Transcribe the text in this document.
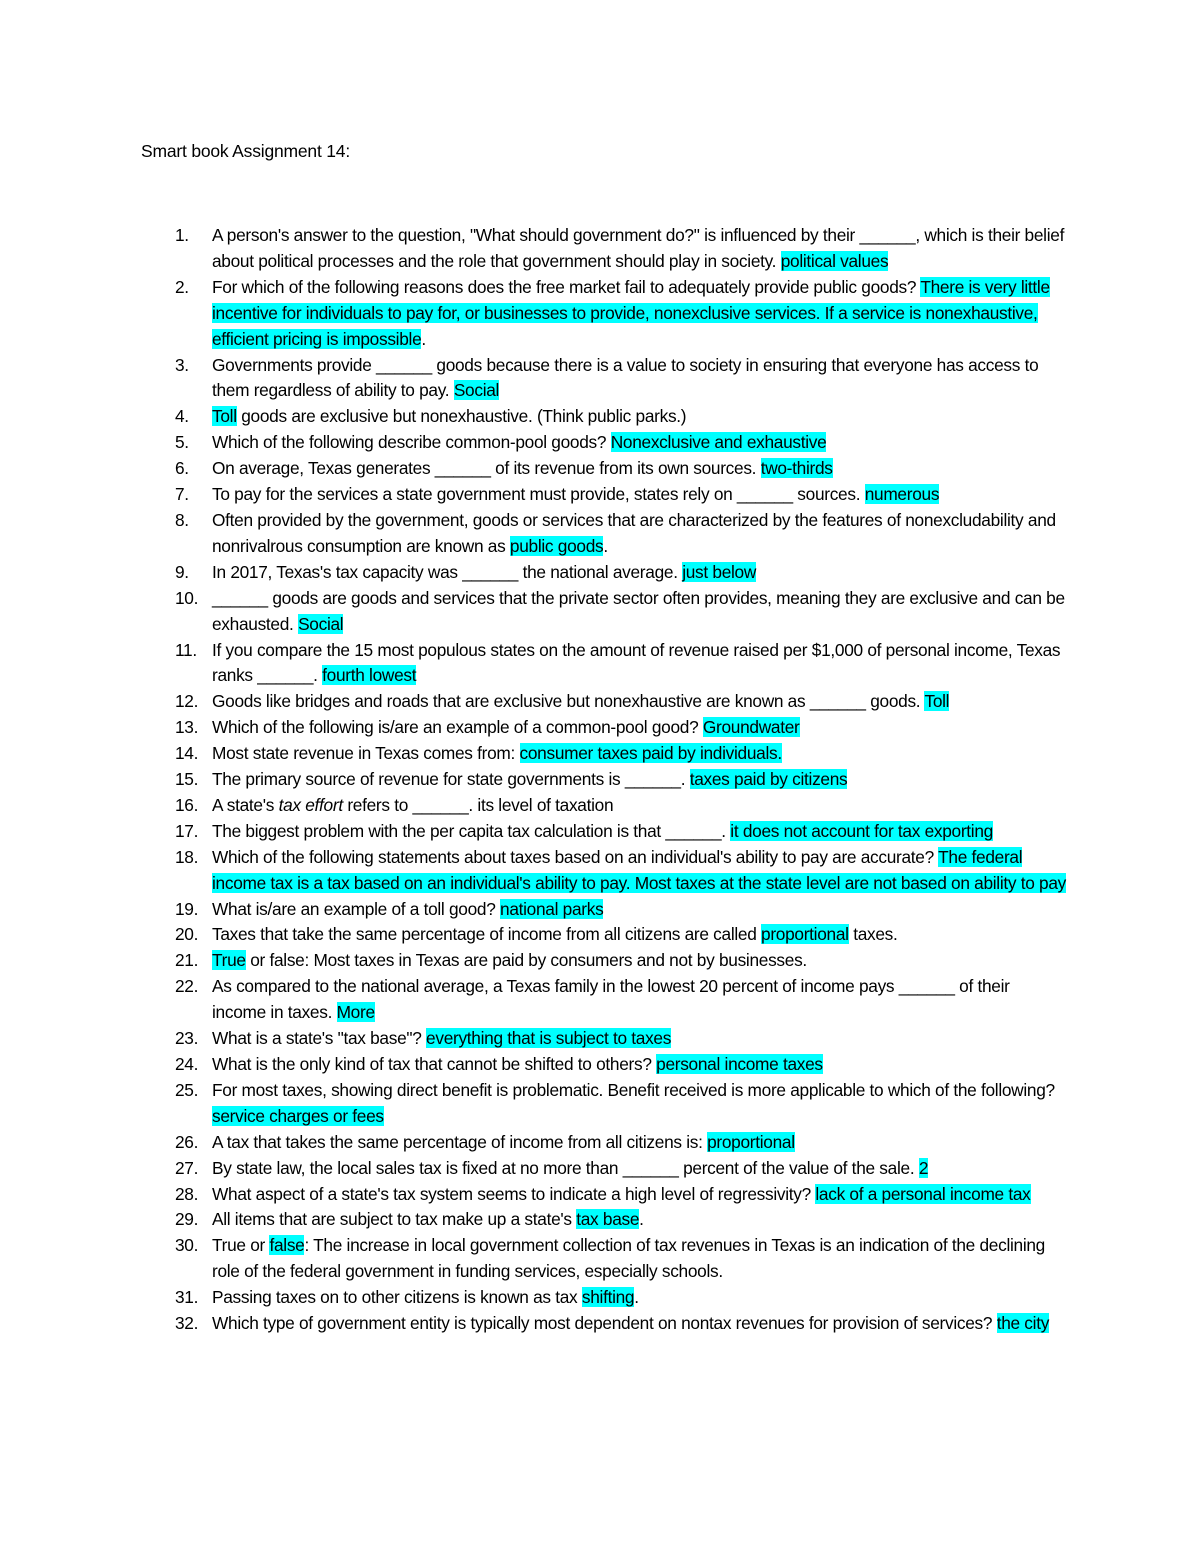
Smart book Assignment 14:
1. A person's answer to the question, "What should government do?" is influenced by their ______, which is their belief about political processes and the role that government should play in society. political values
2. For which of the following reasons does the free market fail to adequately provide public goods? There is very little incentive for individuals to pay for, or businesses to provide, nonexclusive services. If a service is nonexhaustive, efficient pricing is impossible.
3. Governments provide ______ goods because there is a value to society in ensuring that everyone has access to them regardless of ability to pay. Social
4. Toll goods are exclusive but nonexhaustive. (Think public parks.)
5. Which of the following describe common-pool goods? Nonexclusive and exhaustive
6. On average, Texas generates ______ of its revenue from its own sources. two-thirds
7. To pay for the services a state government must provide, states rely on ______ sources. numerous
8. Often provided by the government, goods or services that are characterized by the features of nonexcludability and nonrivalrous consumption are known as public goods.
9. In 2017, Texas's tax capacity was ______ the national average. just below
10. ______ goods are goods and services that the private sector often provides, meaning they are exclusive and can be exhausted. Social
11. If you compare the 15 most populous states on the amount of revenue raised per $1,000 of personal income, Texas ranks ______. fourth lowest
12. Goods like bridges and roads that are exclusive but nonexhaustive are known as ______ goods. Toll
13. Which of the following is/are an example of a common-pool good? Groundwater
14. Most state revenue in Texas comes from: consumer taxes paid by individuals.
15. The primary source of revenue for state governments is ______. taxes paid by citizens
16. A state's tax effort refers to ______. its level of taxation
17. The biggest problem with the per capita tax calculation is that ______. it does not account for tax exporting
18. Which of the following statements about taxes based on an individual's ability to pay are accurate? The federal income tax is a tax based on an individual's ability to pay. Most taxes at the state level are not based on ability to pay
19. What is/are an example of a toll good? national parks
20. Taxes that take the same percentage of income from all citizens are called proportional taxes.
21. True or false: Most taxes in Texas are paid by consumers and not by businesses.
22. As compared to the national average, a Texas family in the lowest 20 percent of income pays ______ of their income in taxes. More
23. What is a state's "tax base"? everything that is subject to taxes
24. What is the only kind of tax that cannot be shifted to others? personal income taxes
25. For most taxes, showing direct benefit is problematic. Benefit received is more applicable to which of the following? service charges or fees
26. A tax that takes the same percentage of income from all citizens is: proportional
27. By state law, the local sales tax is fixed at no more than ______ percent of the value of the sale. 2
28. What aspect of a state's tax system seems to indicate a high level of regressivity? lack of a personal income tax
29. All items that are subject to tax make up a state's tax base.
30. True or false: The increase in local government collection of tax revenues in Texas is an indication of the declining role of the federal government in funding services, especially schools.
31. Passing taxes on to other citizens is known as tax shifting.
32. Which type of government entity is typically most dependent on nontax revenues for provision of services? the city
